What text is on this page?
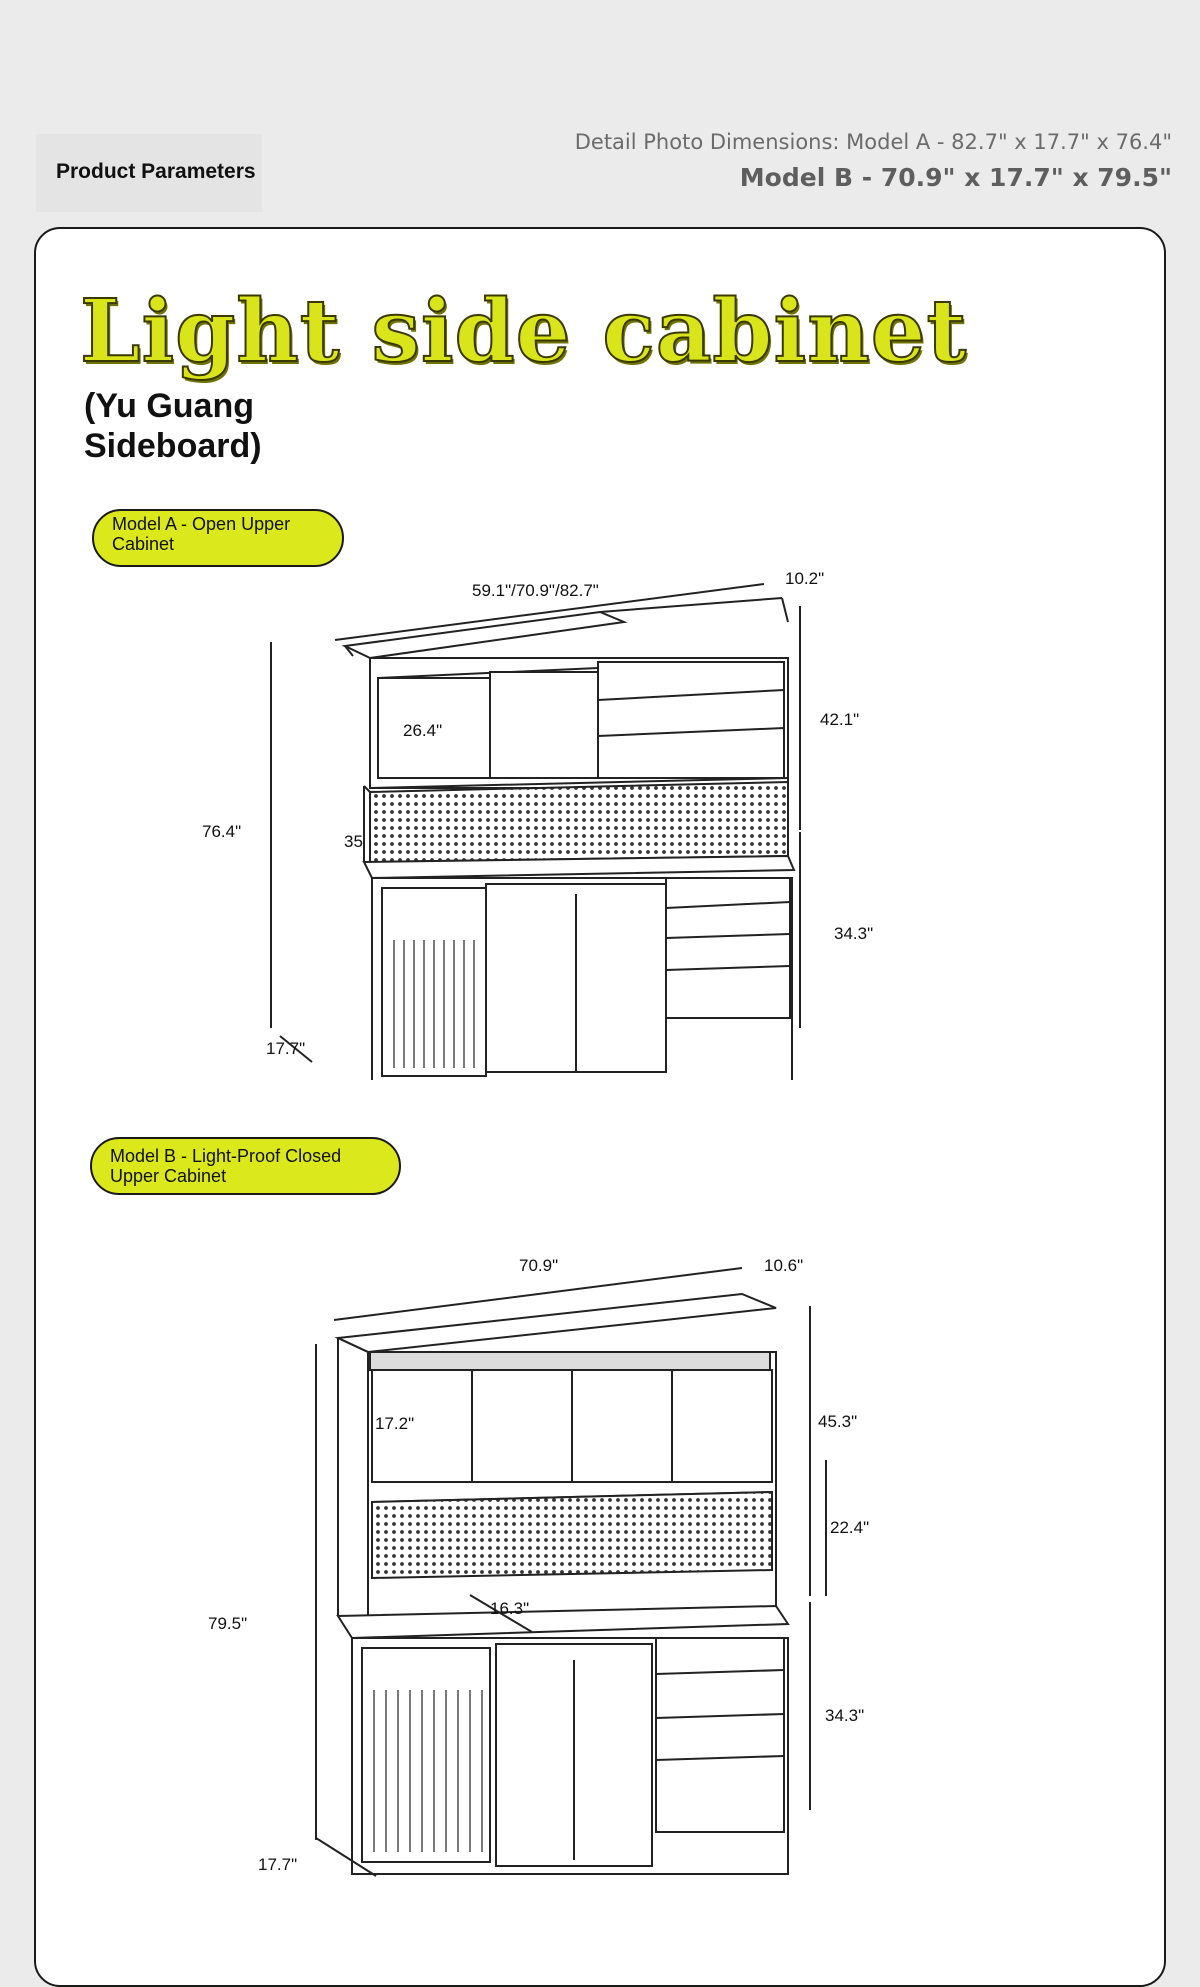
Product Parameters
Detail Photo Dimensions: Model A - 82.7" x 17.7" x 76.4"
Model B - 70.9" x 17.7" x 79.5"
Light side cabinet
(Yu Guang Sideboard)
Model A - Open Upper Cabinet
59.1"/70.9"/82.7"
10.2"
42.1"
26.4"
76.4"
35
34.3"
17.7"
Model B - Light-Proof Closed Upper Cabinet
70.9"	10.6"
45.3"
17.2"
22.4"
79.5"
16.3"
34.3"
17.7"
